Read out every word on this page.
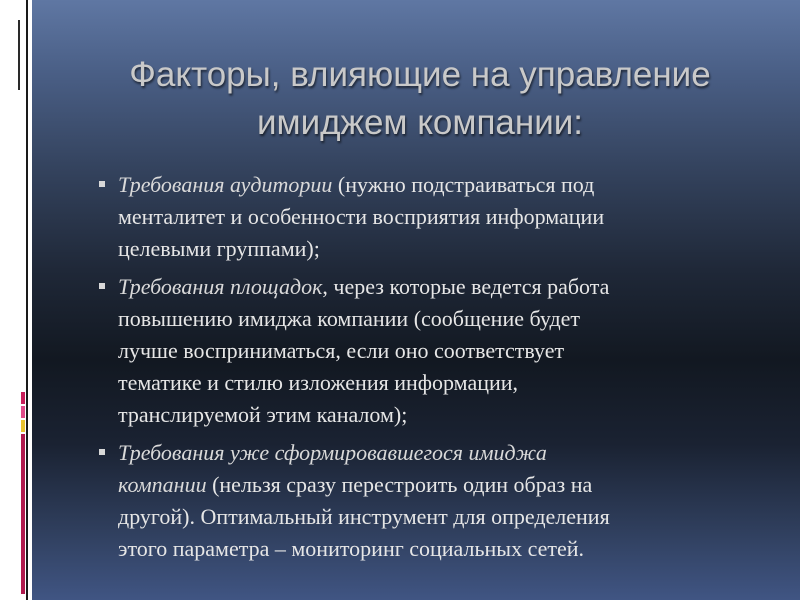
Факторы, влияющие на управление
имиджем компании:
Требования аудитории (нужно подстраиваться под
менталитет и особенности восприятия информации
целевыми группами);
Требования площадок, через которые ведется работа
повышению имиджа компании (сообщение будет
лучше восприниматься, если оно соответствует
тематике и стилю изложения информации,
транслируемой этим каналом);
Требования уже сформировавшегося имиджа
компании (нельзя сразу перестроить один образ на
другой). Оптимальный инструмент для определения
этого параметра – мониторинг социальных сетей.
